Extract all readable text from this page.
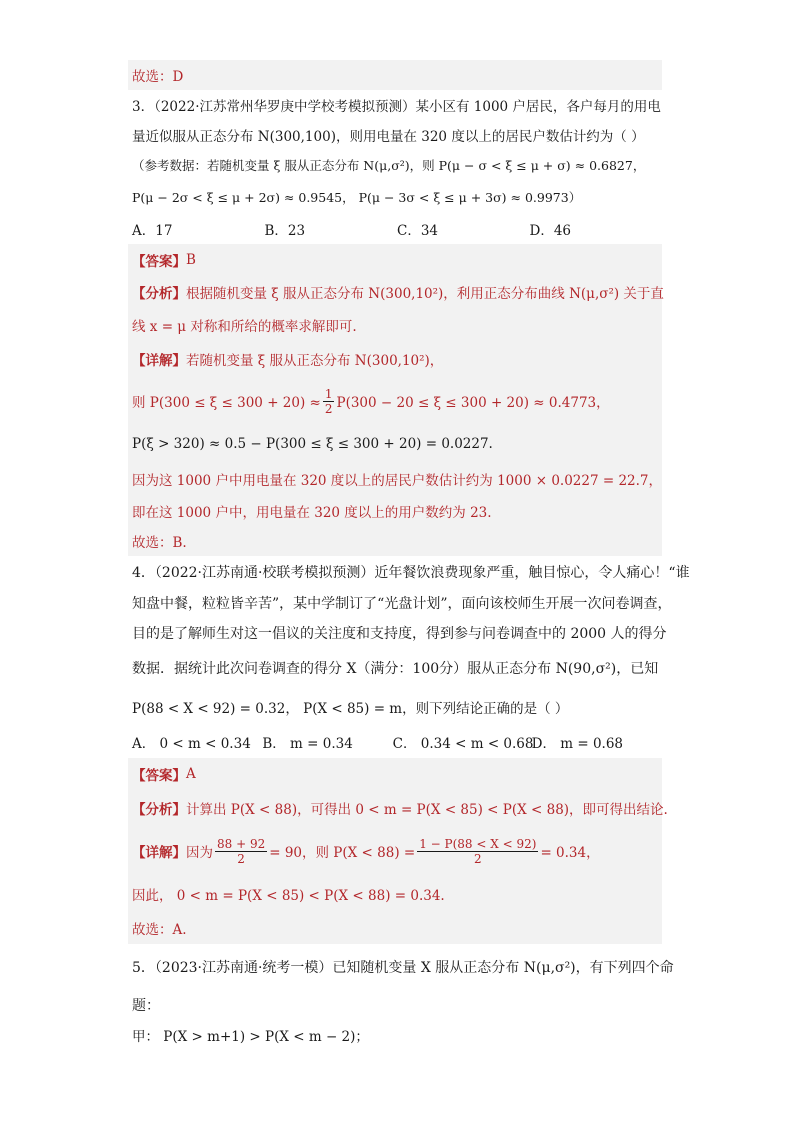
故选：D
3．（2022·江苏常州华罗庚中学校考模拟预测）某小区有 1000 户居民，各户每月的用电
量近似服从正态分布 N(300,100)，则用电量在 320 度以上的居民户数估计约为（ ）
（参考数据：若随机变量 ξ 服从正态分布 N(μ,σ²)，则 P(μ − σ < ξ ≤ μ + σ) ≈ 0.6827，
P(μ − 2σ < ξ ≤ μ + 2σ) ≈ 0.9545， P(μ − 3σ < ξ ≤ μ + 3σ) ≈ 0.9973）
A．17	B．23	C．34	D．46
【答案】 B
【分析】 根据随机变量 ξ 服从正态分布 N(300,10²)，利用正态分布曲线 N(μ,σ²) 关于直
线 x = μ 对称和所给的概率求解即可.
【详解】 若随机变量 ξ 服从正态分布 N(300,10²)，
则 $P(300 \le \xi \le 300 + 20) \approx \frac{1}{2} P(300 - 20 \le \xi \le 300 + 20) \approx 0.4773$，
P(ξ > 320) ≈ 0.5 − P(300 ≤ ξ ≤ 300 + 20) = 0.0227.
因为这 1000 户中用电量在 320 度以上的居民户数估计约为 1000 × 0.0227 = 22.7，
即在这 1000 户中，用电量在 320 度以上的用户数约为 23.
故选：B.
4．（2022·江苏南通·校联考模拟预测）近年餐饮浪费现象严重，触目惊心，令人痛心！“谁
知盘中餐，粒粒皆辛苦”，某中学制订了“光盘计划”，面向该校师生开展一次问卷调查，
目的是了解师生对这一倡议的关注度和支持度，得到参与问卷调查中的 2000 人的得分
数据．据统计此次问卷调查的得分 X（满分：100分）服从正态分布 N(90,σ²)，已知
P(88 < X < 92) = 0.32， P(X < 85) = m，则下列结论正确的是（ ）
A． 0 < m < 0.34 B． m = 0.34	C． 0.34 < m < 0.68
D． m = 0.68
【答案】 A
【分析】 计算出 P(X < 88)，可得出 0 < m = P(X < 85) < P(X < 88)，即可得出结论.
【详解】 因为 $\frac{88 + 92}{2} = 90$，则 $P(X < 88) = \frac{1 - P(88 < X < 92)}{2} = 0.34$，
因此， 0 < m = P(X < 85) < P(X < 88) = 0.34.
故选：A.
5．（2023·江苏南通·统考一模）已知随机变量 X 服从正态分布 N(μ,σ²)，有下列四个命
题：
甲： P(X > m+1) > P(X < m − 2)；
